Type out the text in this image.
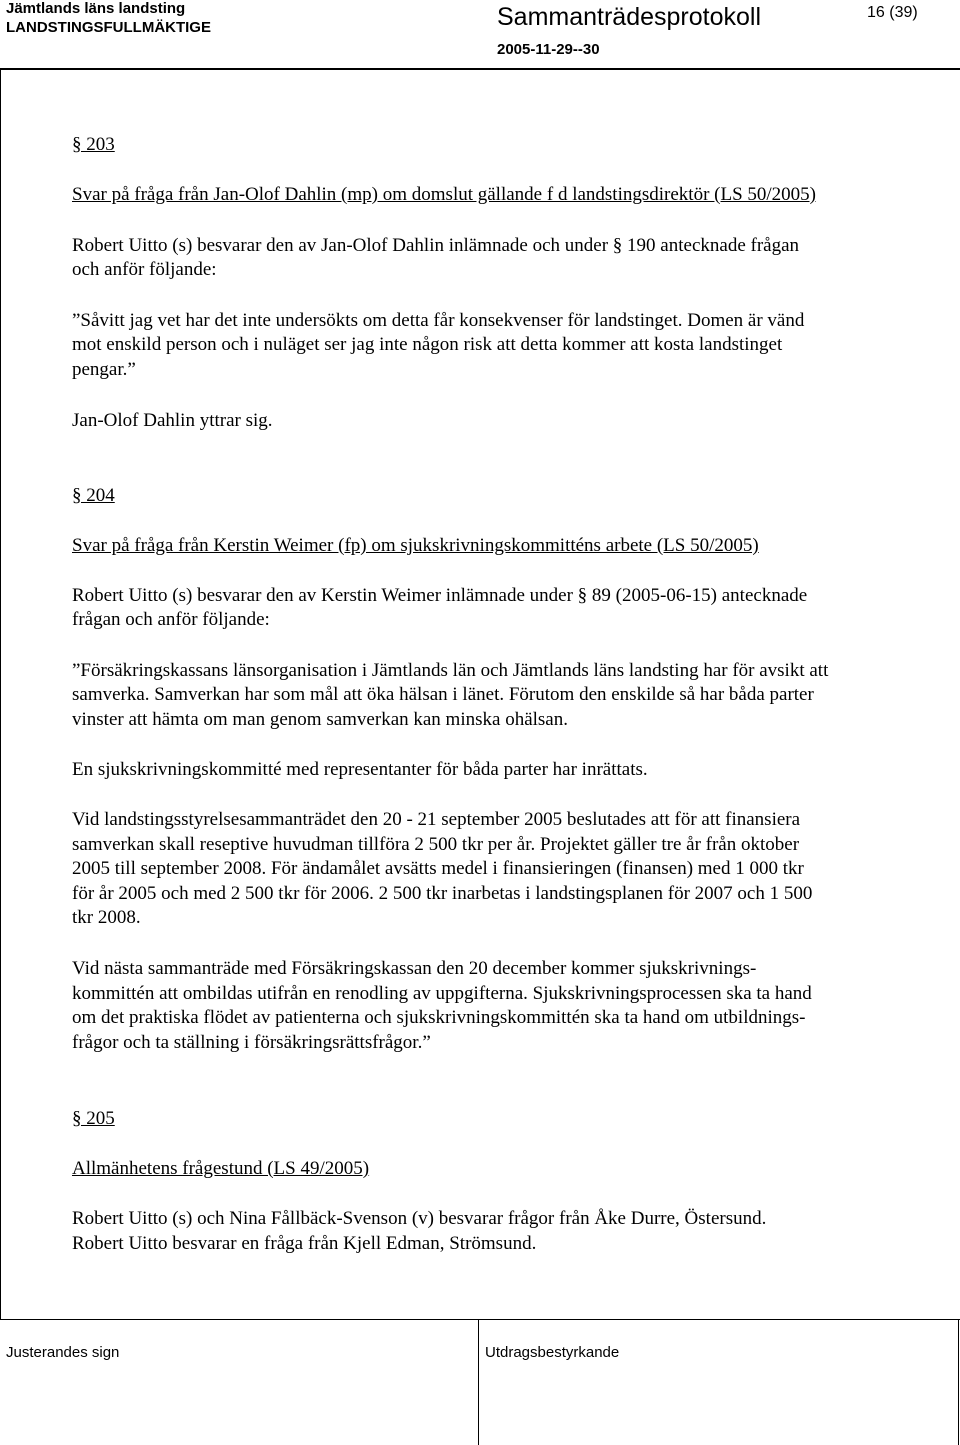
Jämtlands läns landsting
LANDSTINGSFULLMÄKTIGE	Sammanträdesprotokoll	16 (39)
2005-11-29--30
§ 203
Svar på fråga från Jan-Olof Dahlin (mp) om domslut gällande f d landstingsdirektör (LS 50/2005)
Robert Uitto (s) besvarar den av Jan-Olof Dahlin inlämnade och under § 190 antecknade frågan
och anför följande:
”Såvitt jag vet har det inte undersökts om detta får konsekvenser för landstinget. Domen är vänd
mot enskild person och i nuläget ser jag inte någon risk att detta kommer att kosta landstinget
pengar.”
Jan-Olof Dahlin yttrar sig.
§ 204
Svar på fråga från Kerstin Weimer (fp) om sjukskrivningskommitténs arbete (LS 50/2005)
Robert Uitto (s) besvarar den av Kerstin Weimer inlämnade under § 89 (2005-06-15) antecknade
frågan och anför följande:
”Försäkringskassans länsorganisation i Jämtlands län och Jämtlands läns landsting har för avsikt att
samverka. Samverkan har som mål att öka hälsan i länet. Förutom den enskilde så har båda parter
vinster att hämta om man genom samverkan kan minska ohälsan.
En sjukskrivningskommitté med representanter för båda parter har inrättats.
Vid landstingsstyrelsesammanträdet den 20 - 21 september 2005 beslutades att för att finansiera
samverkan skall reseptive huvudman tillföra 2 500 tkr per år. Projektet gäller tre år från oktober
2005 till september 2008. För ändamålet avsätts medel i finansieringen (finansen) med 1 000 tkr
för år 2005 och med 2 500 tkr för 2006. 2 500 tkr inarbetas i landstingsplanen för 2007 och 1 500
tkr 2008.
Vid nästa sammanträde med Försäkringskassan den 20 december kommer sjukskrivnings-
kommittén att ombildas utifrån en renodling av uppgifterna. Sjukskrivningsprocessen ska ta hand
om det praktiska flödet av patienterna och sjukskrivningskommittén ska ta hand om utbildnings-
frågor och ta ställning i försäkringsrättsfrågor.”
§ 205
Allmänhetens frågestund (LS 49/2005)
Robert Uitto (s) och Nina Fållbäck-Svenson (v) besvarar frågor från Åke Durre, Östersund.
Robert Uitto besvarar en fråga från Kjell Edman, Strömsund.
Justerandes sign	Utdragsbestyrkande
